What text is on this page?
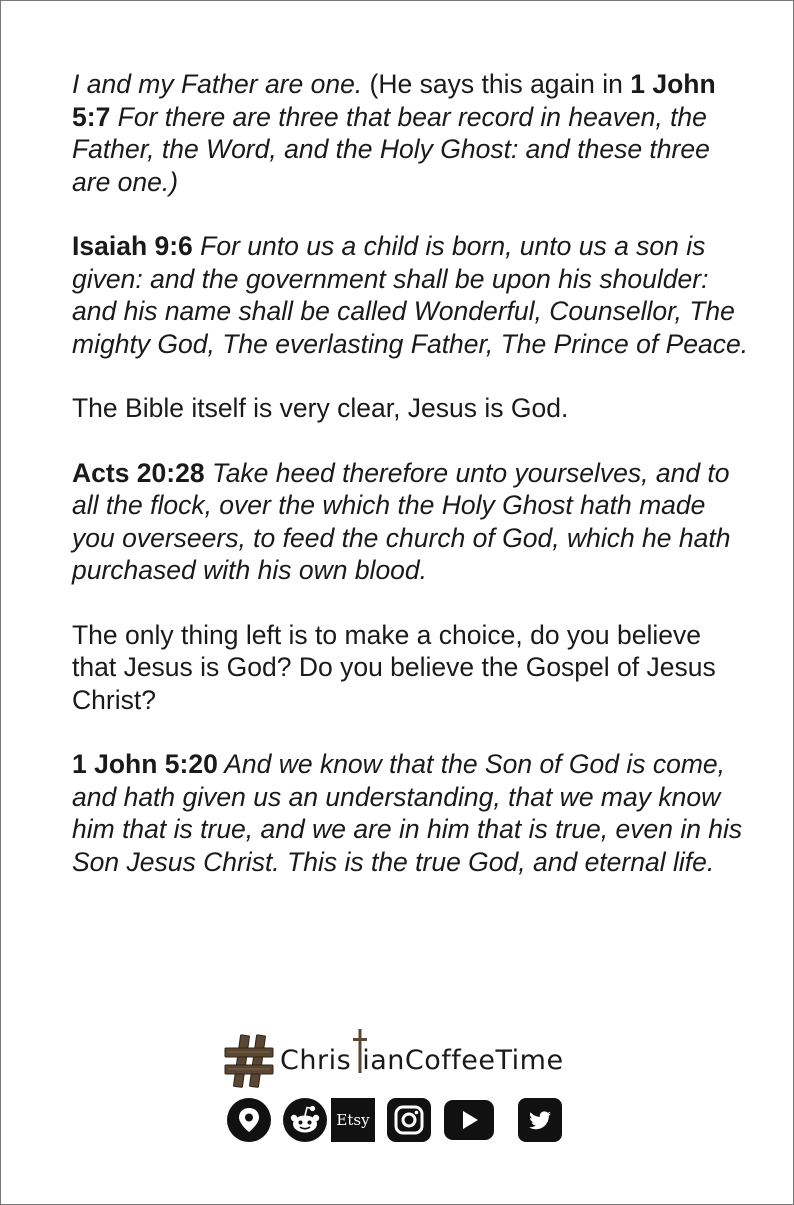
I and my Father are one. (He says this again in 1 John 5:7 For there are three that bear record in heaven, the Father, the Word, and the Holy Ghost: and these three are one.)

Isaiah 9:6 For unto us a child is born, unto us a son is given: and the government shall be upon his shoulder: and his name shall be called Wonderful, Counsellor, The mighty God, The everlasting Father, The Prince of Peace.

The Bible itself is very clear, Jesus is God.

Acts 20:28 Take heed therefore unto yourselves, and to all the flock, over the which the Holy Ghost hath made you overseers, to feed the church of God, which he hath purchased with his own blood.

The only thing left is to make a choice, do you believe that Jesus is God? Do you believe the Gospel of Jesus Christ?

1 John 5:20 And we know that the Son of God is come, and hath given us an understanding, that we may know him that is true, and we are in him that is true, even in his Son Jesus Christ. This is the true God, and eternal life.

Chris ianCoffeeTime
Etsy
